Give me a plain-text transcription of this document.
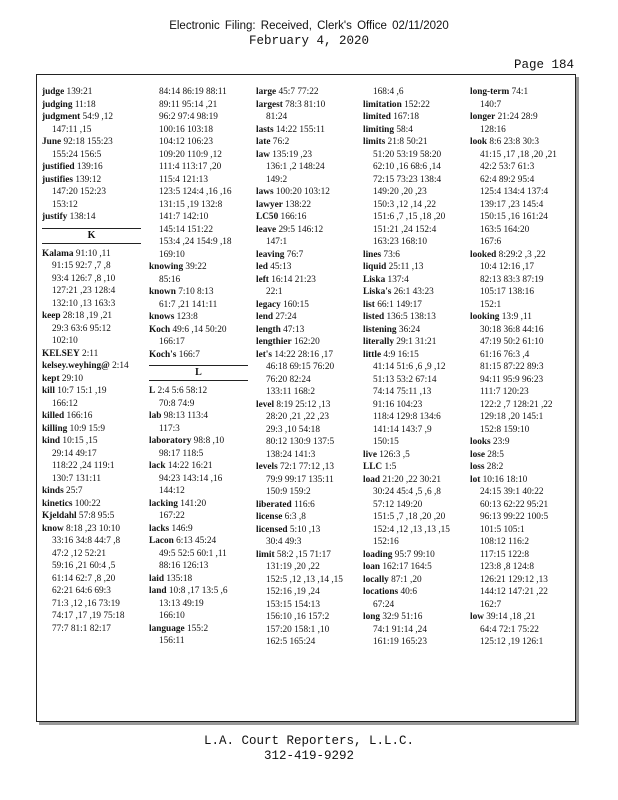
Electronic Filing: Received, Clerk's Office 02/11/2020
February 4, 2020
Page 184
judge 139:21
judging 11:18
judgment 54:9 ,12
147:11 ,15
June 92:18 155:23
155:24 156:5
justified 139:16
justifies 139:12
147:20 152:23
153:12
justify 138:14
K
Kalama 91:10 ,11
91:15 92:7 ,7 ,8
93:4 126:7 ,8 ,10
127:21 ,23 128:4
132:10 ,13 163:3
keep 28:18 ,19 ,21
29:3 63:6 95:12
102:10
KELSEY 2:11
kelsey.weyhing@ 2:14
kept 29:10
kill 10:7 15:1 ,19
166:12
killed 166:16
killing 10:9 15:9
kind 10:15 ,15
29:14 49:17
118:22 ,24 119:1
130:7 131:11
kinds 25:7
kinetics 100:22
Kjeldahl 57:8 95:5
know 8:18 ,23 10:10
33:16 34:8 44:7 ,8
47:2 ,12 52:21
59:16 ,21 60:4 ,5
61:14 62:7 ,8 ,20
62:21 64:6 69:3
71:3 ,12 ,16 73:19
74:17 ,17 ,19 75:18
77:7 81:1 82:17
84:14 86:19 88:11
89:11 95:14 ,21
96:2 97:4 98:19
100:16 103:18
104:12 106:23
109:20 110:9 ,12
111:4 113:17 ,20
115:4 121:13
123:5 124:4 ,16 ,16
131:15 ,19 132:8
141:7 142:10
145:14 151:22
153:4 ,24 154:9 ,18
169:10
knowing 39:22
85:16
known 7:10 8:13
61:7 ,21 141:11
knows 123:8
Koch 49:6 ,14 50:20
166:17
Koch's 166:7
L
L 2:4 5:6 58:12
70:8 74:9
lab 98:13 113:4
117:3
laboratory 98:8 ,10
98:17 118:5
lack 14:22 16:21
94:23 143:14 ,16
144:12
lacking 141:20
167:22
lacks 146:9
Lacon 6:13 45:24
49:5 52:5 60:1 ,11
88:16 126:13
laid 135:18
land 10:8 ,17 13:5 ,6
13:13 49:19
166:10
language 155:2
156:11
large 45:7 77:22
largest 78:3 81:10
81:24
lasts 14:22 155:11
late 76:2
law 135:19 ,23
136:1 ,2 148:24
149:2
laws 100:20 103:12
lawyer 138:22
LC50 166:16
leave 29:5 146:12
147:1
leaving 76:7
led 45:13
left 16:14 21:23
22:1
legacy 160:15
lend 27:24
length 47:13
lengthier 162:20
let's 14:22 28:16 ,17
46:18 69:15 76:20
76:20 82:24
133:11 168:2
level 8:19 25:12 ,13
28:20 ,21 ,22 ,23
29:3 ,10 54:18
80:12 130:9 137:5
138:24 141:3
levels 72:1 77:12 ,13
79:9 99:17 135:11
150:9 159:2
liberated 116:6
license 6:3 ,8
licensed 5:10 ,13
30:4 49:3
limit 58:2 ,15 71:17
131:19 ,20 ,22
152:5 ,12 ,13 ,14 ,15
152:16 ,19 ,24
153:15 154:13
156:10 ,16 157:2
157:20 158:1 ,10
162:5 165:24
168:4 ,6
limitation 152:22
limited 167:18
limiting 58:4
limits 21:8 50:21
51:20 53:19 58:20
62:10 ,16 68:6 ,14
72:15 73:23 138:4
149:20 ,20 ,23
150:3 ,12 ,14 ,22
151:6 ,7 ,15 ,18 ,20
151:21 ,24 152:4
163:23 168:10
lines 73:6
liquid 25:11 ,13
Liska 137:4
Liska's 26:1 43:23
list 66:1 149:17
listed 136:5 138:13
listening 36:24
literally 29:1 31:21
little 4:9 16:15
41:14 51:6 ,6 ,9 ,12
51:13 53:2 67:14
74:14 75:11 ,13
91:16 104:23
118:4 129:8 134:6
141:14 143:7 ,9
150:15
live 126:3 ,5
LLC 1:5
load 21:20 ,22 30:21
30:24 45:4 ,5 ,6 ,8
57:12 149:20
151:5 ,7 ,18 ,20 ,20
152:4 ,12 ,13 ,13 ,15
152:16
loading 95:7 99:10
loan 162:17 164:5
locally 87:1 ,20
locations 40:6
67:24
long 32:9 51:16
74:1 91:14 ,24
161:19 165:23
long-term 74:1
140:7
longer 21:24 28:9
128:16
look 8:6 23:8 30:3
41:15 ,17 ,18 ,20 ,21
42:2 53:7 61:3
62:4 89:2 95:4
125:4 134:4 137:4
139:17 ,23 145:4
150:15 ,16 161:24
163:5 164:20
167:6
looked 8:29:2 ,3 ,22
10:4 12:16 ,17
82:13 83:3 87:19
105:17 138:16
152:1
looking 13:9 ,11
30:18 36:8 44:16
47:19 50:2 61:10
61:16 76:3 ,4
81:15 87:22 89:3
94:11 95:9 96:23
111:7 120:23
122:2 ,7 128:21 ,22
129:18 ,20 145:1
152:8 159:10
looks 23:9
lose 28:5
loss 28:2
lot 10:16 18:10
24:15 39:1 40:22
60:13 62:22 95:21
96:13 99:22 100:5
101:5 105:1
108:12 116:2
117:15 122:8
123:8 ,8 124:8
126:21 129:12 ,13
144:12 147:21 ,22
162:7
low 39:14 ,18 ,21
64:4 72:1 75:22
125:12 ,19 126:1
L.A. Court Reporters, L.L.C.
312-419-9292
